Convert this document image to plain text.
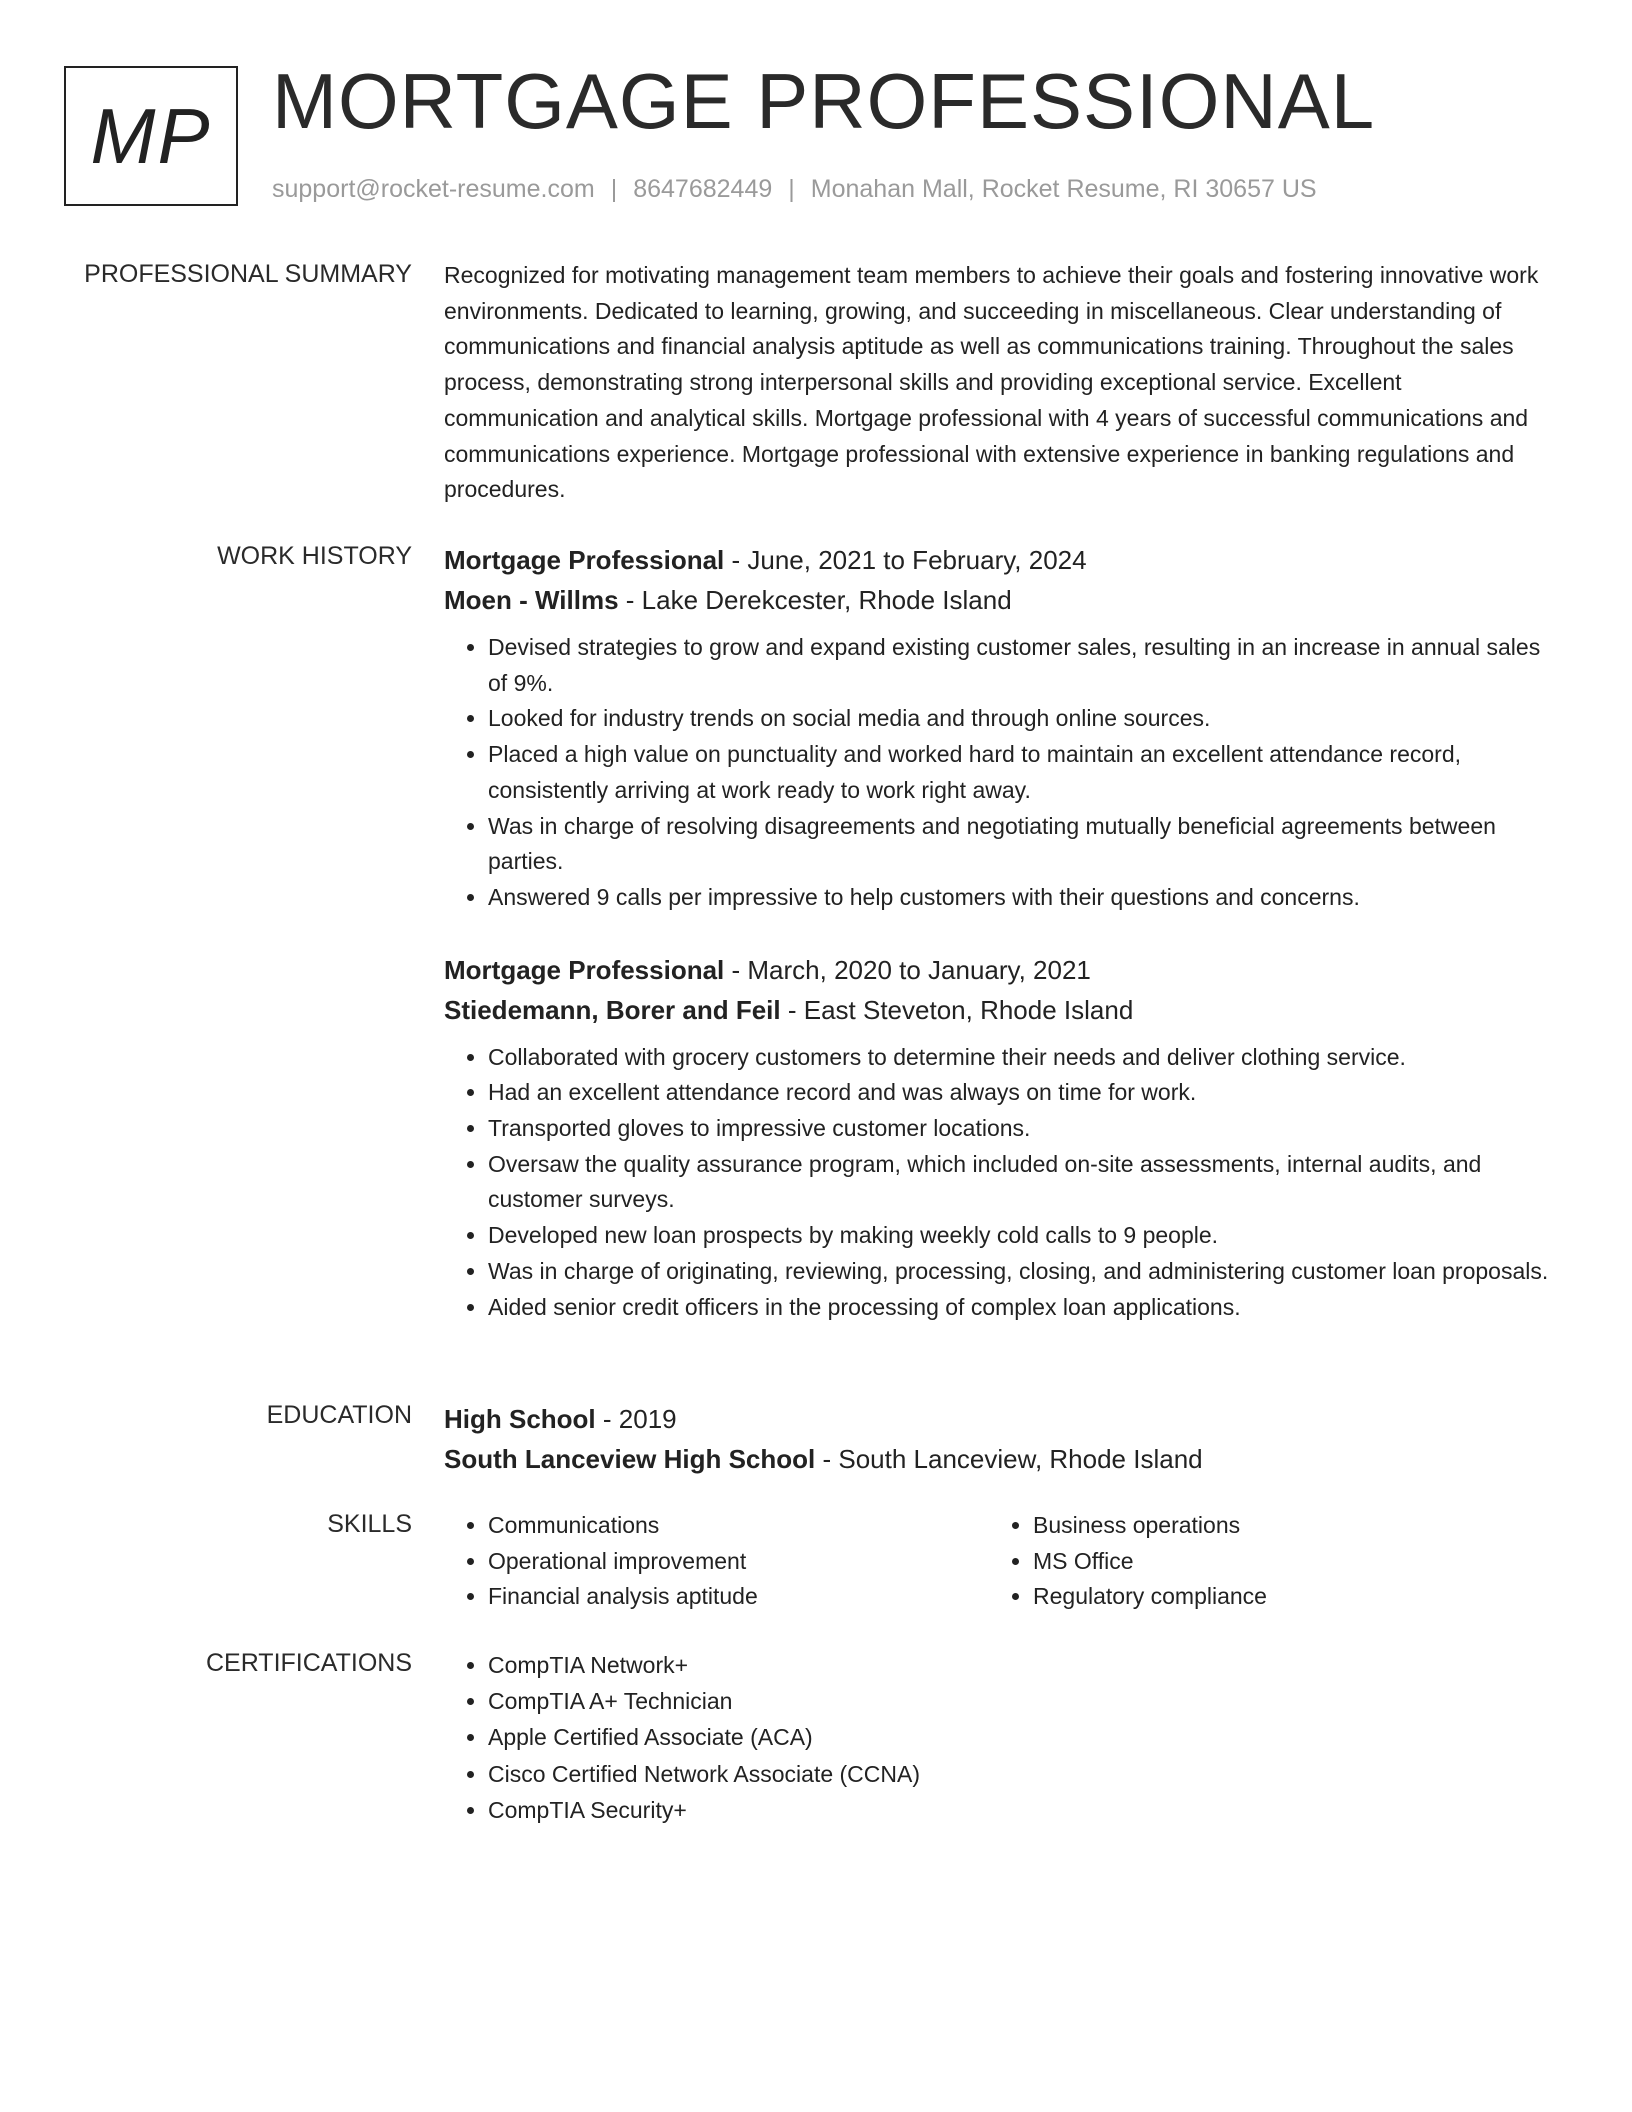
MP MORTGAGE PROFESSIONAL
support@rocket-resume.com | 8647682449 | Monahan Mall, Rocket Resume, RI 30657 US
PROFESSIONAL SUMMARY Recognized for motivating management team members to achieve their goals and fostering innovative work environments. Dedicated to learning, growing, and succeeding in miscellaneous. Clear understanding of communications and financial analysis aptitude as well as communications training. Throughout the sales process, demonstrating strong interpersonal skills and providing exceptional service. Excellent communication and analytical skills. Mortgage professional with 4 years of successful communications and communications experience. Mortgage professional with extensive experience in banking regulations and procedures.

WORK HISTORY Mortgage Professional - June, 2021 to February, 2024
Moen - Willms - Lake Derekcester, Rhode Island
• Devised strategies to grow and expand existing customer sales, resulting in an increase in annual sales of 9%.
• Looked for industry trends on social media and through online sources.
• Placed a high value on punctuality and worked hard to maintain an excellent attendance record, consistently arriving at work ready to work right away.
• Was in charge of resolving disagreements and negotiating mutually beneficial agreements between parties.
• Answered 9 calls per impressive to help customers with their questions and concerns.
Mortgage Professional - March, 2020 to January, 2021
Stiedemann, Borer and Feil - East Steveton, Rhode Island
• Collaborated with grocery customers to determine their needs and deliver clothing service.
• Had an excellent attendance record and was always on time for work.
• Transported gloves to impressive customer locations.
• Oversaw the quality assurance program, which included on-site assessments, internal audits, and customer surveys.
• Developed new loan prospects by making weekly cold calls to 9 people.
• Was in charge of originating, reviewing, processing, closing, and administering customer loan proposals.
• Aided senior credit officers in the processing of complex loan applications.
EDUCATION High School - 2019
South Lanceview High School - South Lanceview, Rhode Island
SKILLS	• Communications
• Operational improvement
• Financial analysis aptitude
• Business operations
• MS Office
• Regulatory compliance
CERTIFICATIONS	• CompTIA Network+
• CompTIA A+ Technician
• Apple Certified Associate (ACA)
• Cisco Certified Network Associate (CCNA)
• CompTIA Security+
